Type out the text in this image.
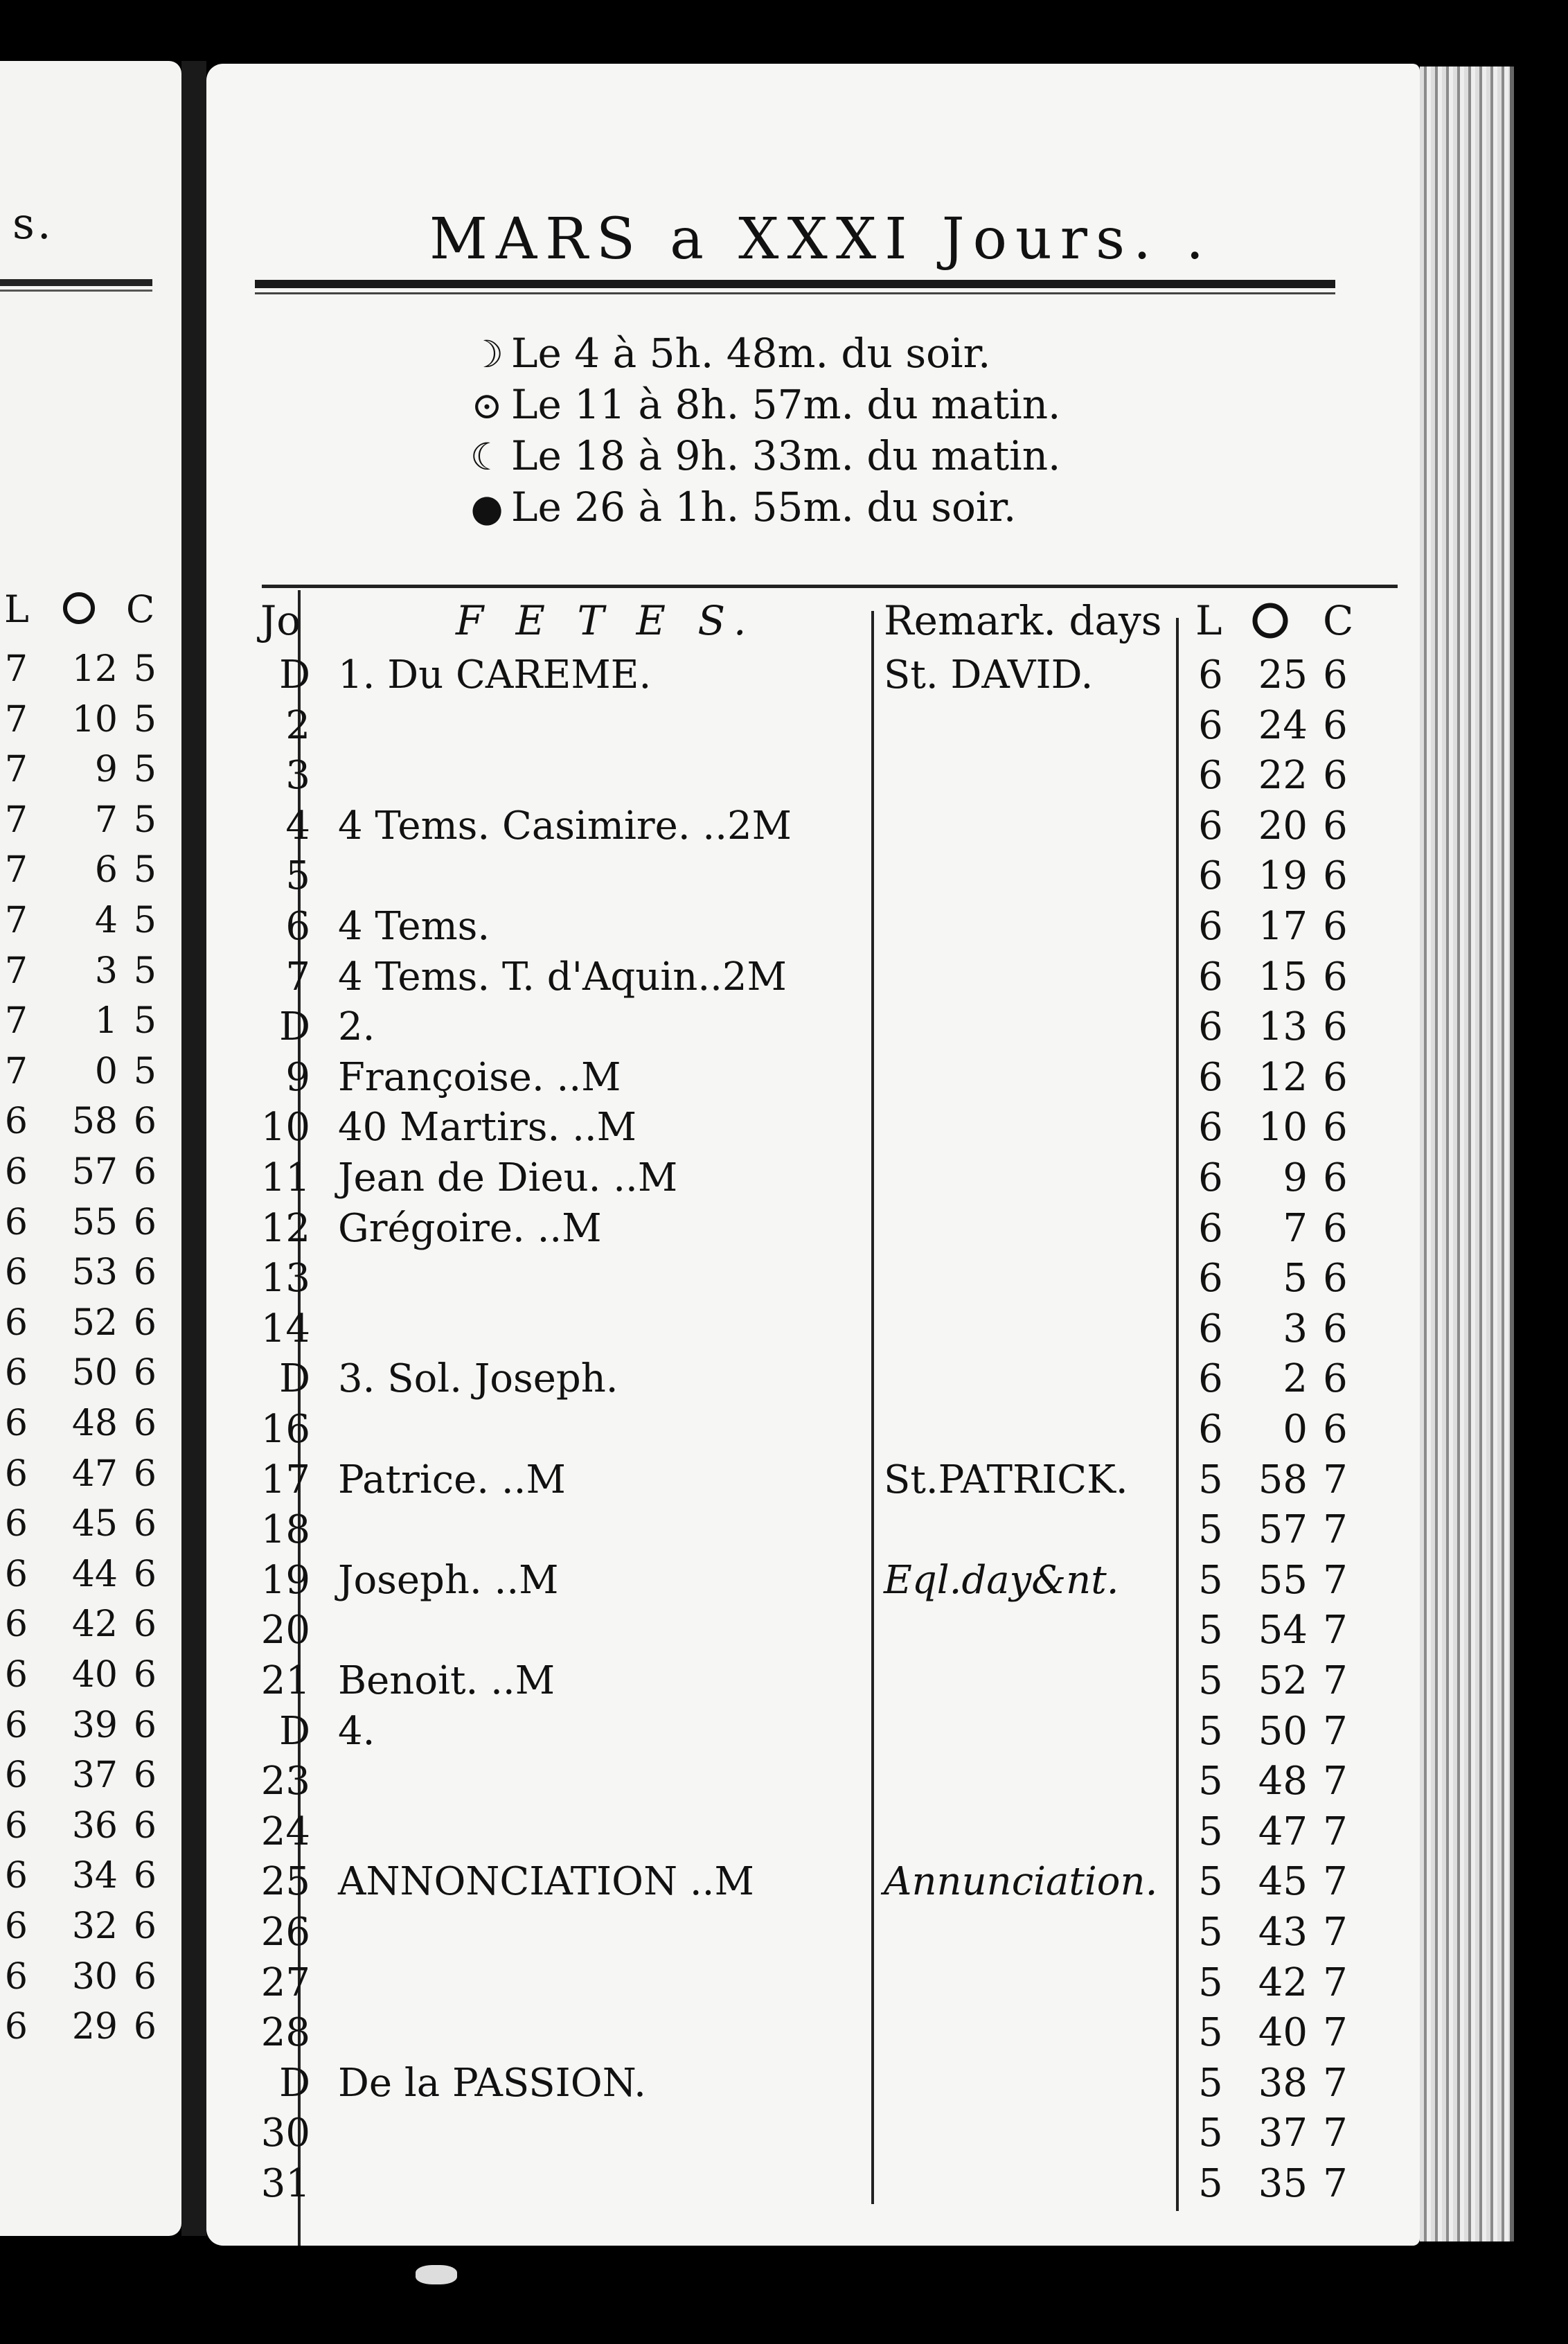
s.
L	C
7	12 5
7	10 5
7	9 5
7	7 5
7	6 5
7	4 5
7	3 5
7	1 5
7	0 5
6	58 6
6	57 6
6	55 6
6	53 6
6	52 6
6	50 6
6	48 6
6	47 6
6	45 6
6	44 6
6	42 6
6	40 6
6	39 6
6	37 6
6	36 6
6	34 6
6	32 6
6	30 6
6	29 6
MARS a XXXI Jours. .
☽ Le 4 à 5h. 48m. du soir.
⊙ Le 11 à 8h. 57m. du matin.
☾ Le 18 à 9h. 33m. du matin.
● Le 26 à 1h. 55m. du soir.
Jo	F E T E S.	Remark. days L	C
D 1. Du CAREME.	St. DAVID.	6 25 6
2	6 24 6
3	6 22 6
4 4 Tems. Casimire. ..2M	6 20 6
5	6 19 6
6 4 Tems.	6 17 6
7 4 Tems. T. d'Aquin..2M	6 15 6
D 2.	6 13 6
9 Françoise. ..M	6 12 6
10 40 Martirs. ..M	6 10 6
11 Jean de Dieu. ..M	6	9 6
12 Grégoire. ..M	6	7 6
13	6	5 6
14	6	3 6
D 3. Sol. Joseph.	6	2 6
16	6	0 6
17 Patrice. ..M	St.PATRICK. 5 58 7
18	5 57 7
19 Joseph. ..M	Eql.day&nt. 5 55 7
20	5 54 7
21 Benoit. ..M	5 52 7
D 4.	5 50 7
23	5 48 7
24	5 47 7
25 ANNONCIATION ..M	Annunciation. 5 45 7
26	5 43 7
27	5 42 7
28	5 40 7
D De la PASSION.	5 38 7
30	5 37 7
31	5 35 7
